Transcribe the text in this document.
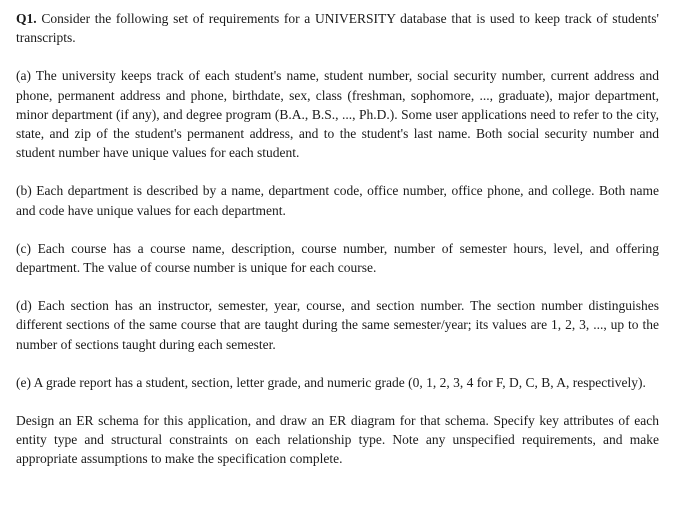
Q1. Consider the following set of requirements for a UNIVERSITY database that is used to keep track of students' transcripts.

(a) The university keeps track of each student's name, student number, social security number, current address and phone, permanent address and phone, birthdate, sex, class (freshman, sophomore, ..., graduate), major department, minor department (if any), and degree program (B.A., B.S., ..., Ph.D.). Some user applications need to refer to the city, state, and zip of the student's permanent address, and to the student's last name. Both social security number and student number have unique values for each student.

(b) Each department is described by a name, department code, office number, office phone, and college. Both name and code have unique values for each department.

(c) Each course has a course name, description, course number, number of semester hours, level, and offering department. The value of course number is unique for each course.

(d) Each section has an instructor, semester, year, course, and section number. The section number distinguishes different sections of the same course that are taught during the same semester/year; its values are 1, 2, 3, ..., up to the number of sections taught during each semester.

(e) A grade report has a student, section, letter grade, and numeric grade (0, 1, 2, 3, 4 for F, D, C, B, A, respectively).

Design an ER schema for this application, and draw an ER diagram for that schema. Specify key attributes of each entity type and structural constraints on each relationship type. Note any unspecified requirements, and make appropriate assumptions to make the specification complete.
